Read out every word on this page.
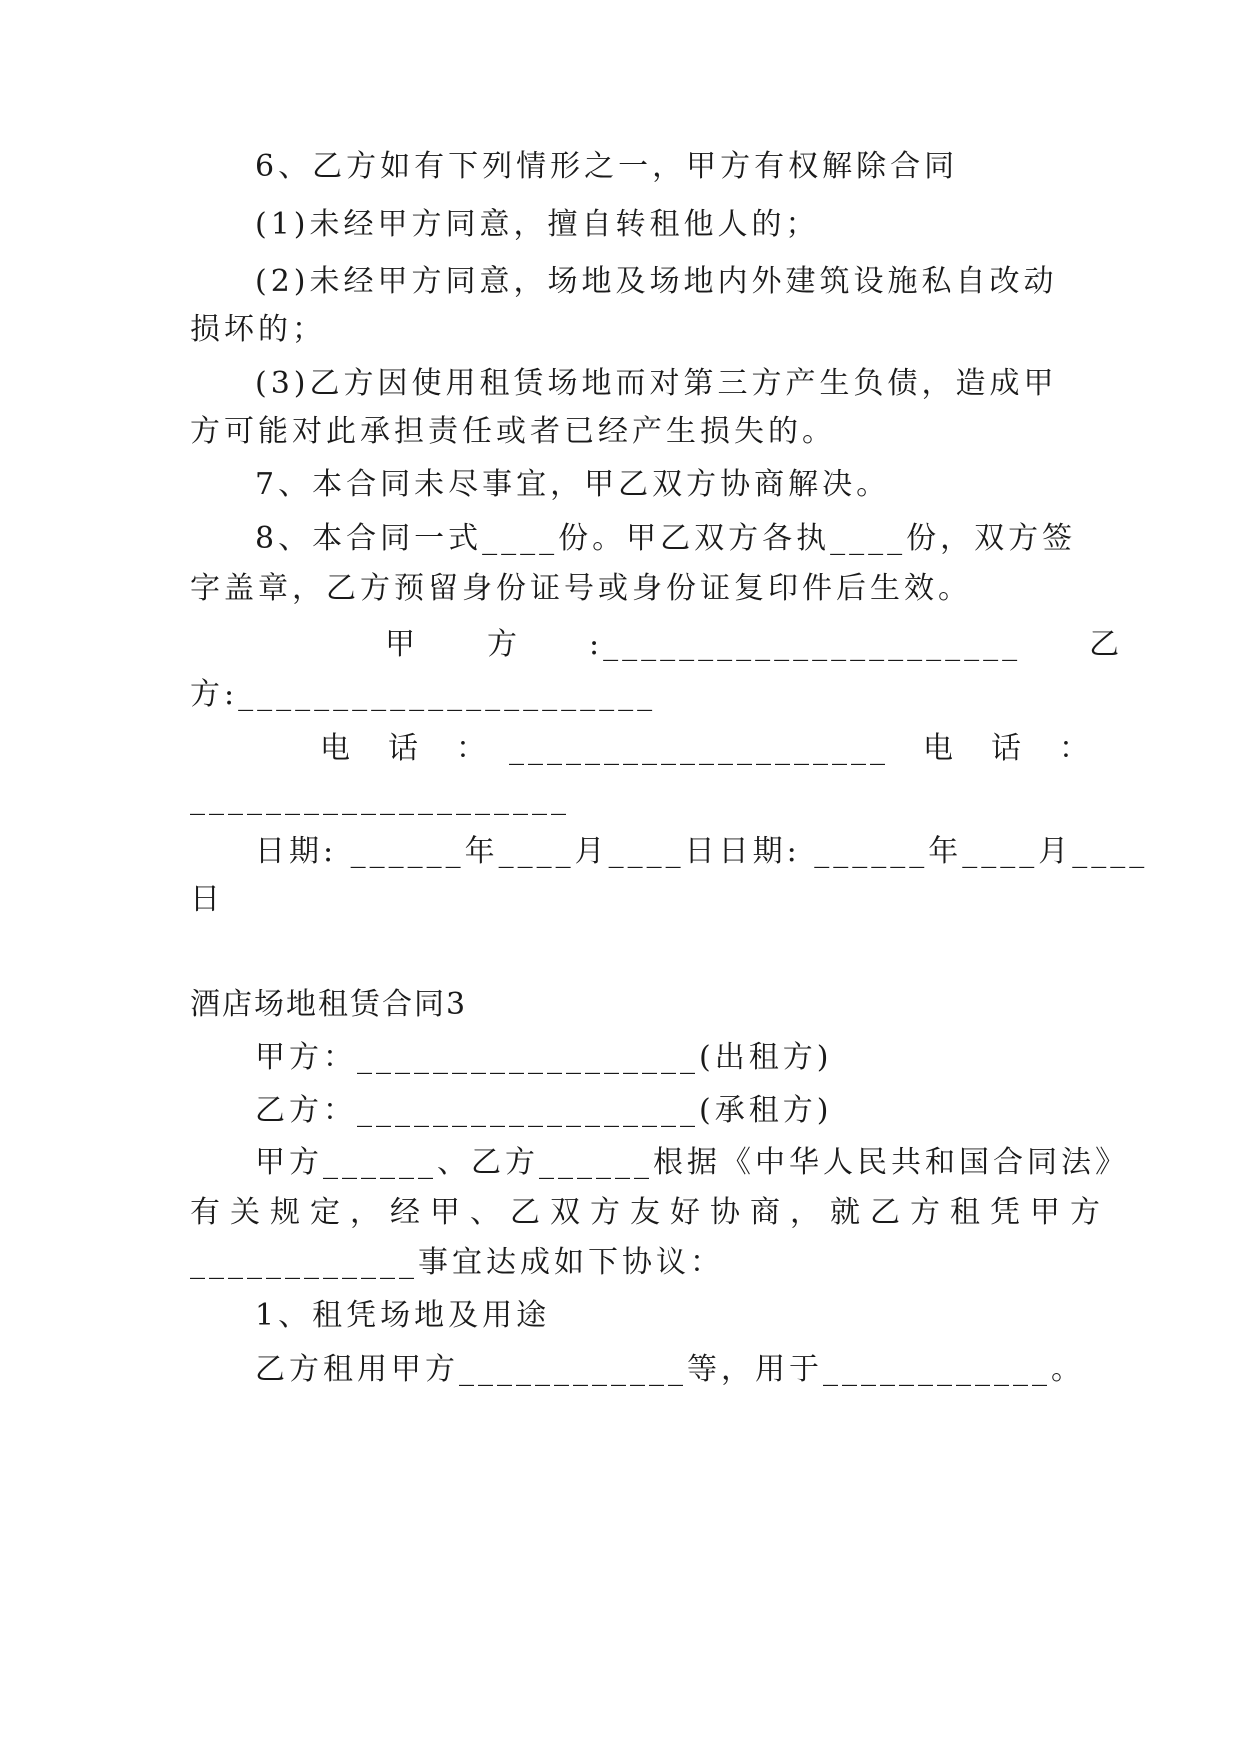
6、乙方如有下列情形之一，甲方有权解除合同
(1)未经甲方同意，擅自转租他人的；
(2)未经甲方同意，场地及场地内外建筑设施私自改动
损坏的；
(3)乙方因使用租赁场地而对第三方产生负债，造成甲
方可能对此承担责任或者已经产生损失的。
7、本合同未尽事宜，甲乙双方协商解决。
8、本合同一式____份。甲乙双方各执____份，双方签
字盖章，乙方预留身份证号或身份证复印件后生效。
甲　　方　　:______________________　　乙
方:______________________
电　话　：　____________________　电　话　：
____________________
日期: ______年____月____日日期: ______年____月____
日
酒店场地租赁合同3
甲方：__________________(出租方)
乙方：__________________(承租方)
甲方______、乙方______根据《中华人民共和国合同法》
有关规定，经甲、乙双方友好协商，就乙方租凭甲方
____________事宜达成如下协议：
1、租凭场地及用途
乙方租用甲方____________等，用于____________。
